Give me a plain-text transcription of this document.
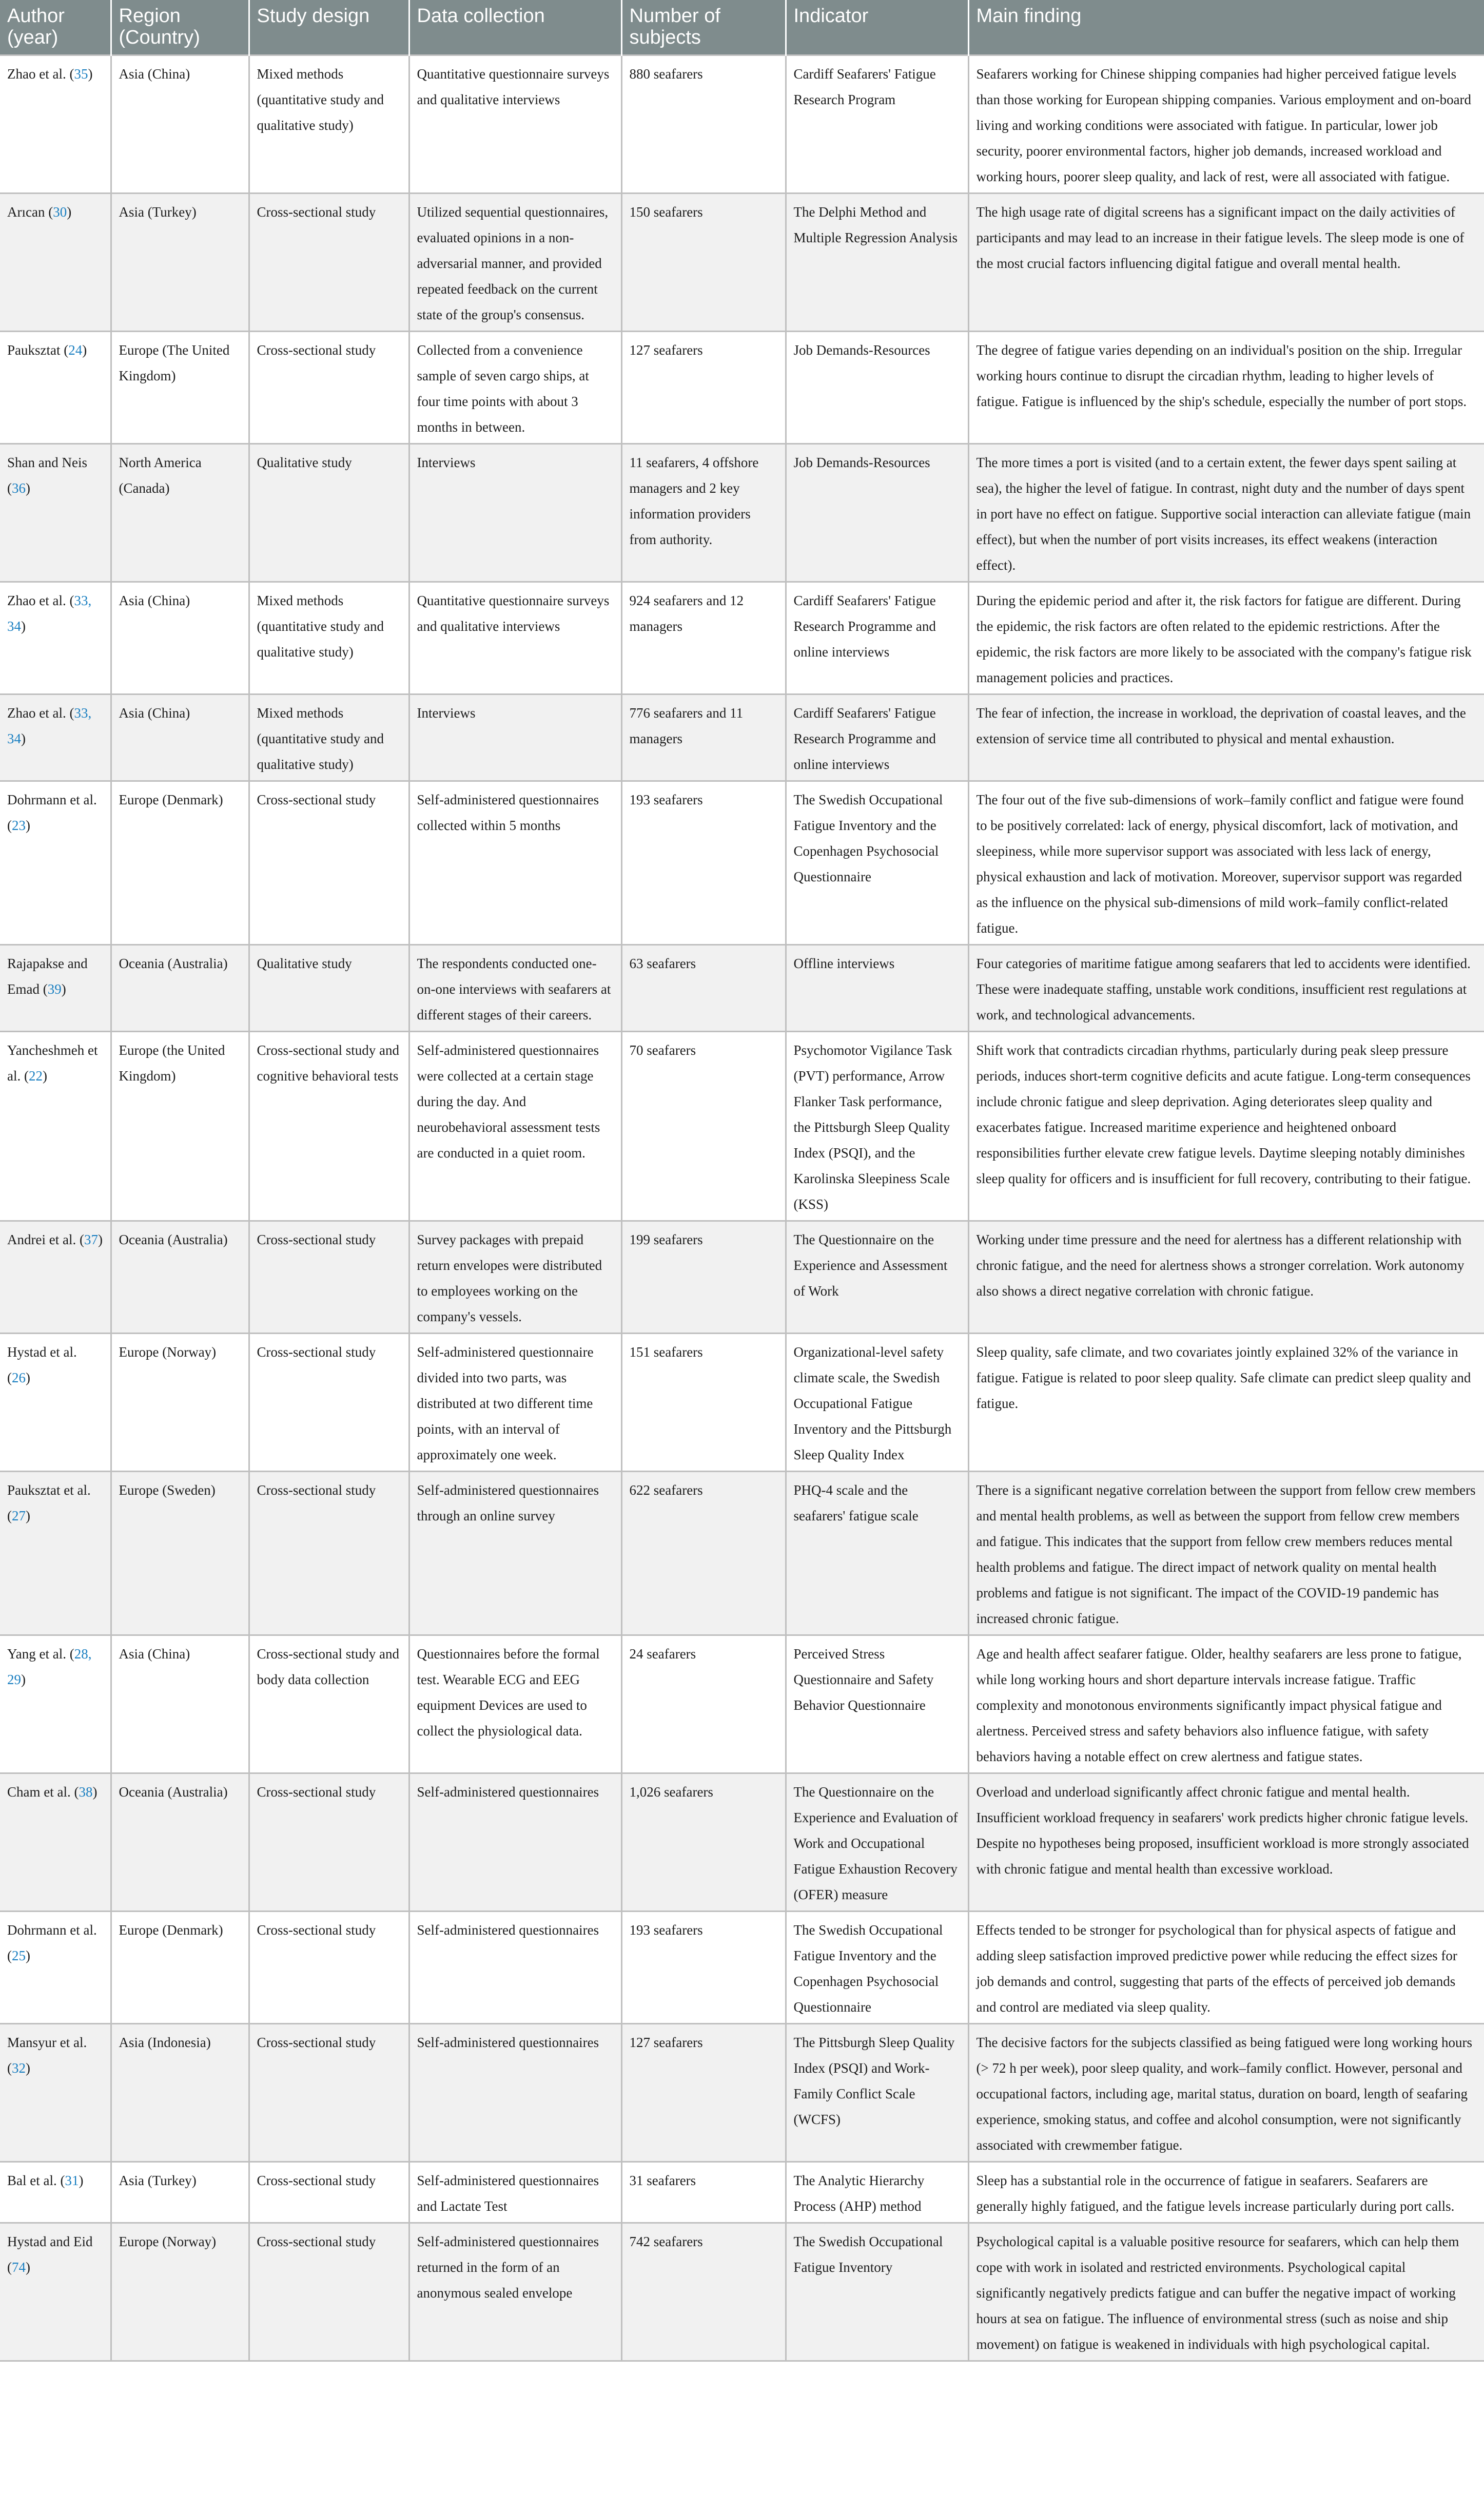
Author (year)	Region (Country)	Study design	Data collection	Number of subjects	Indicator	Main finding
Zhao et al. (35)	Asia (China)	Mixed methods (quantitative study and qualitative study)	Quantitative questionnaire surveys and qualitative interviews	880 seafarers	Cardiff Seafarers' Fatigue Research Program	Seafarers working for Chinese shipping companies had higher perceived fatigue levels than those working for European shipping companies. Various employment and on-board living and working conditions were associated with fatigue. In particular, lower job security, poorer environmental factors, higher job demands, increased workload and working hours, poorer sleep quality, and lack of rest, were all associated with fatigue.
Arıcan (30)	Asia (Turkey)	Cross-sectional study	Utilized sequential questionnaires, evaluated opinions in a non-adversarial manner, and provided repeated feedback on the current state of the group's consensus.	150 seafarers	The Delphi Method and Multiple Regression Analysis	The high usage rate of digital screens has a significant impact on the daily activities of participants and may lead to an increase in their fatigue levels. The sleep mode is one of the most crucial factors influencing digital fatigue and overall mental health.
Pauksztat (24)	Europe (The United Kingdom)	Cross-sectional study	Collected from a convenience sample of seven cargo ships, at four time points with about 3 months in between.	127 seafarers	Job Demands-Resources	The degree of fatigue varies depending on an individual's position on the ship. Irregular working hours continue to disrupt the circadian rhythm, leading to higher levels of fatigue. Fatigue is influenced by the ship's schedule, especially the number of port stops.
Shan and Neis (36)	North America (Canada)	Qualitative study	Interviews	11 seafarers, 4 offshore managers and 2 key information providers from authority.	Job Demands-Resources	The more times a port is visited (and to a certain extent, the fewer days spent sailing at sea), the higher the level of fatigue. In contrast, night duty and the number of days spent in port have no effect on fatigue. Supportive social interaction can alleviate fatigue (main effect), but when the number of port visits increases, its effect weakens (interaction effect).
Zhao et al. (33, 34)	Asia (China)	Mixed methods (quantitative study and qualitative study)	Quantitative questionnaire surveys and qualitative interviews	924 seafarers and 12 managers	Cardiff Seafarers' Fatigue Research Programme and online interviews	During the epidemic period and after it, the risk factors for fatigue are different. During the epidemic, the risk factors are often related to the epidemic restrictions. After the epidemic, the risk factors are more likely to be associated with the company's fatigue risk management policies and practices.
Zhao et al. (33, 34)	Asia (China)	Mixed methods (quantitative study and qualitative study)	Interviews	776 seafarers and 11 managers	Cardiff Seafarers' Fatigue Research Programme and online interviews	The fear of infection, the increase in workload, the deprivation of coastal leaves, and the extension of service time all contributed to physical and mental exhaustion.
Dohrmann et al. (23)	Europe (Denmark)	Cross-sectional study	Self-administered questionnaires collected within 5 months	193 seafarers	The Swedish Occupational Fatigue Inventory and the Copenhagen Psychosocial Questionnaire	The four out of the five sub-dimensions of work–family conflict and fatigue were found to be positively correlated: lack of energy, physical discomfort, lack of motivation, and sleepiness, while more supervisor support was associated with less lack of energy, physical exhaustion and lack of motivation. Moreover, supervisor support was regarded as the influence on the physical sub-dimensions of mild work–family conflict-related fatigue.
Rajapakse and Emad (39)	Oceania (Australia)	Qualitative study	The respondents conducted one-on-one interviews with seafarers at different stages of their careers.	63 seafarers	Offline interviews	Four categories of maritime fatigue among seafarers that led to accidents were identified. These were inadequate staffing, unstable work conditions, insufficient rest regulations at work, and technological advancements.
Yancheshmeh et al. (22)	Europe (the United Kingdom)	Cross-sectional study and cognitive behavioral tests	Self-administered questionnaires were collected at a certain stage during the day. And neurobehavioral assessment tests are conducted in a quiet room.	70 seafarers	Psychomotor Vigilance Task (PVT) performance, Arrow Flanker Task performance, the Pittsburgh Sleep Quality Index (PSQI), and the Karolinska Sleepiness Scale (KSS)	Shift work that contradicts circadian rhythms, particularly during peak sleep pressure periods, induces short-term cognitive deficits and acute fatigue. Long-term consequences include chronic fatigue and sleep deprivation. Aging deteriorates sleep quality and exacerbates fatigue. Increased maritime experience and heightened onboard responsibilities further elevate crew fatigue levels. Daytime sleeping notably diminishes sleep quality for officers and is insufficient for full recovery, contributing to their fatigue.
Andrei et al. (37)	Oceania (Australia)	Cross-sectional study	Survey packages with prepaid return envelopes were distributed to employees working on the company's vessels.	199 seafarers	The Questionnaire on the Experience and Assessment of Work	Working under time pressure and the need for alertness has a different relationship with chronic fatigue, and the need for alertness shows a stronger correlation. Work autonomy also shows a direct negative correlation with chronic fatigue.
Hystad et al. (26)	Europe (Norway)	Cross-sectional study	Self-administered questionnaire divided into two parts, was distributed at two different time points, with an interval of approximately one week.	151 seafarers	Organizational-level safety climate scale, the Swedish Occupational Fatigue Inventory and the Pittsburgh Sleep Quality Index	Sleep quality, safe climate, and two covariates jointly explained 32% of the variance in fatigue. Fatigue is related to poor sleep quality. Safe climate can predict sleep quality and fatigue.
Pauksztat et al. (27)	Europe (Sweden)	Cross-sectional study	Self-administered questionnaires through an online survey	622 seafarers	PHQ-4 scale and the seafarers' fatigue scale	There is a significant negative correlation between the support from fellow crew members and mental health problems, as well as between the support from fellow crew members and fatigue. This indicates that the support from fellow crew members reduces mental health problems and fatigue. The direct impact of network quality on mental health problems and fatigue is not significant. The impact of the COVID-19 pandemic has increased chronic fatigue.
Yang et al. (28, 29)	Asia (China)	Cross-sectional study and body data collection	Questionnaires before the formal test. Wearable ECG and EEG equipment Devices are used to collect the physiological data.	24 seafarers	Perceived Stress Questionnaire and Safety Behavior Questionnaire	Age and health affect seafarer fatigue. Older, healthy seafarers are less prone to fatigue, while long working hours and short departure intervals increase fatigue. Traffic complexity and monotonous environments significantly impact physical fatigue and alertness. Perceived stress and safety behaviors also influence fatigue, with safety behaviors having a notable effect on crew alertness and fatigue states.
Cham et al. (38)	Oceania (Australia)	Cross-sectional study	Self-administered questionnaires	1,026 seafarers	The Questionnaire on the Experience and Evaluation of Work and Occupational Fatigue Exhaustion Recovery (OFER) measure	Overload and underload significantly affect chronic fatigue and mental health. Insufficient workload frequency in seafarers' work predicts higher chronic fatigue levels. Despite no hypotheses being proposed, insufficient workload is more strongly associated with chronic fatigue and mental health than excessive workload.
Dohrmann et al. (25)	Europe (Denmark)	Cross-sectional study	Self-administered questionnaires	193 seafarers	The Swedish Occupational Fatigue Inventory and the Copenhagen Psychosocial Questionnaire	Effects tended to be stronger for psychological than for physical aspects of fatigue and adding sleep satisfaction improved predictive power while reducing the effect sizes for job demands and control, suggesting that parts of the effects of perceived job demands and control are mediated via sleep quality.
Mansyur et al. (32)	Asia (Indonesia)	Cross-sectional study	Self-administered questionnaires	127 seafarers	The Pittsburgh Sleep Quality Index (PSQI) and Work-Family Conflict Scale (WCFS)	The decisive factors for the subjects classified as being fatigued were long working hours (> 72 h per week), poor sleep quality, and work–family conflict. However, personal and occupational factors, including age, marital status, duration on board, length of seafaring experience, smoking status, and coffee and alcohol consumption, were not significantly associated with crewmember fatigue.
Bal et al. (31)	Asia (Turkey)	Cross-sectional study	Self-administered questionnaires and Lactate Test	31 seafarers	The Analytic Hierarchy Process (AHP) method	Sleep has a substantial role in the occurrence of fatigue in seafarers. Seafarers are generally highly fatigued, and the fatigue levels increase particularly during port calls.
Hystad and Eid (74)	Europe (Norway)	Cross-sectional study	Self-administered questionnaires returned in the form of an anonymous sealed envelope	742 seafarers	The Swedish Occupational Fatigue Inventory	Psychological capital is a valuable positive resource for seafarers, which can help them cope with work in isolated and restricted environments. Psychological capital significantly negatively predicts fatigue and can buffer the negative impact of working hours at sea on fatigue. The influence of environmental stress (such as noise and ship movement) on fatigue is weakened in individuals with high psychological capital.
